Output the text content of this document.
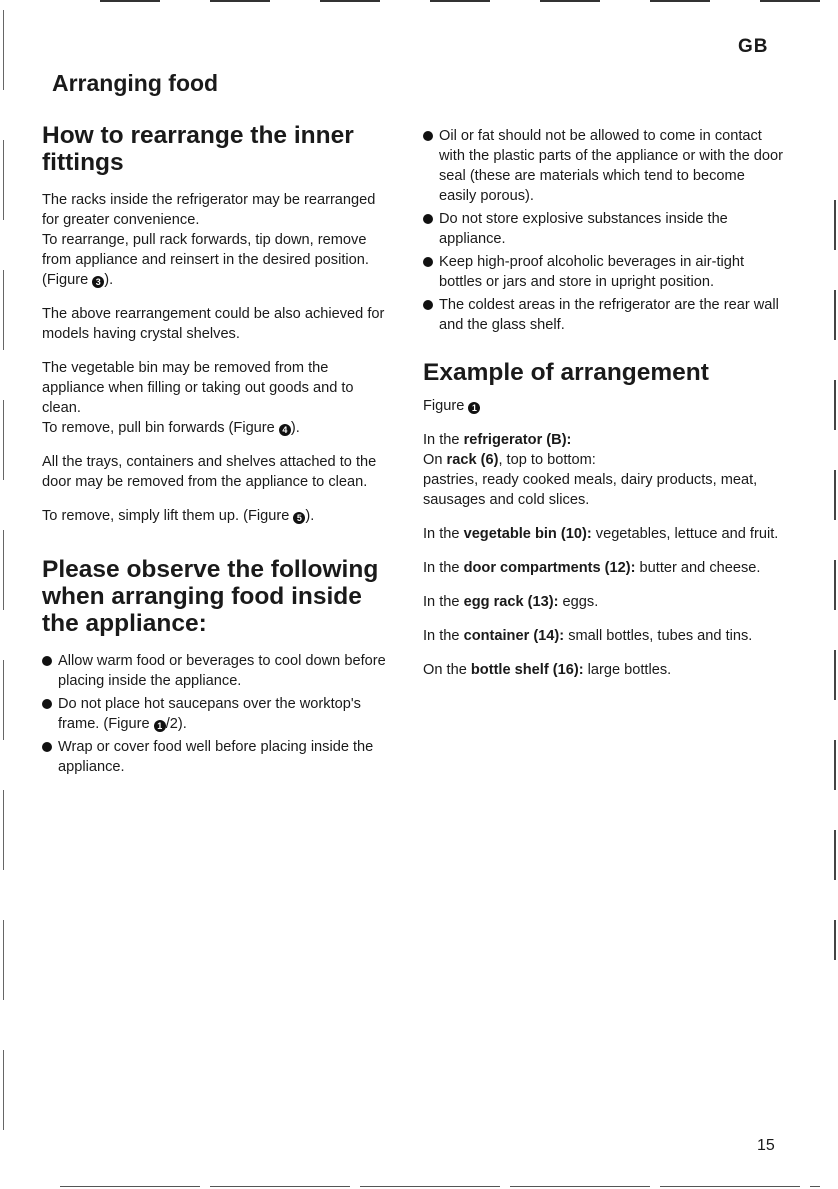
GB
Arranging food
How to rearrange the inner fittings

The racks inside the refrigerator may be rearranged for greater convenience.
To rearrange, pull rack forwards, tip down, remove from appliance and reinsert in the desired position. (Figure 3 ).

The above rearrangement could be also achieved for models having crystal shelves.

The vegetable bin may be removed from the appliance when filling or taking out goods and to clean.
To remove, pull bin forwards (Figure 4 ).

All the trays, containers and shelves attached to the door may be removed from the appliance to clean.

To remove, simply lift them up. (Figure 5 ).

Please observe the following when arranging food inside the appliance:
Allow warm food or beverages to cool down before placing inside the appliance.
Do not place hot saucepans over the worktop's frame. (Figure 1 /2).
Wrap or cover food well before placing inside the appliance.
Oil or fat should not be allowed to come in contact with the plastic parts of the appliance or with the door seal (these are materials which tend to become easily porous).
Do not store explosive substances inside the appliance.
Keep high-proof alcoholic beverages in air-tight bottles or jars and store in upright position.
The coldest areas in the refrigerator are the rear wall and the glass shelf.
Example of arrangement

Figure 1

In the refrigerator (B):
On rack (6), top to bottom:
pastries, ready cooked meals, dairy products, meat, sausages and cold slices.

In the vegetable bin (10): vegetables, lettuce and fruit.

In the door compartments (12): butter and cheese.

In the egg rack (13): eggs.

In the container (14): small bottles, tubes and tins.

On the bottle shelf (16): large bottles.

15
